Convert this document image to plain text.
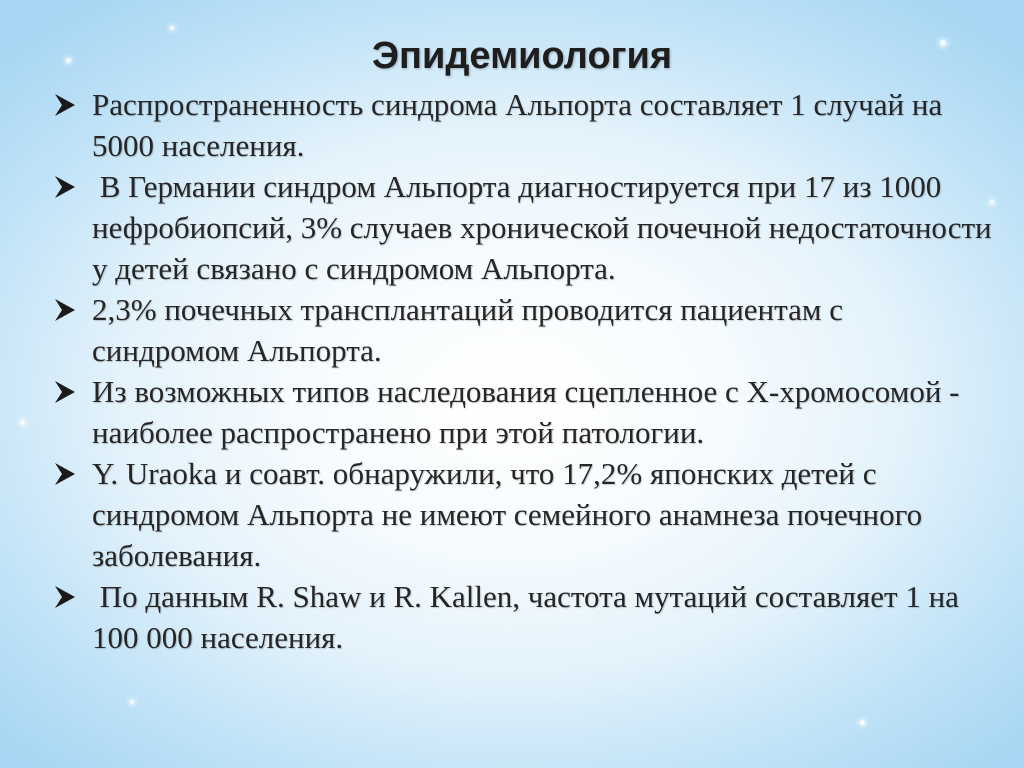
Эпидемиология
Распространенность синдрома Альпорта составляет 1 случай на 5000 населения.
В Германии синдром Альпорта диагностируется при 17 из 1000 нефробиопсий, 3% случаев хронической почечной недостаточности у детей связано с синдромом Альпорта.
2,3% почечных трансплантаций проводится пациентам с синдромом Альпорта.
Из возможных типов наследования сцепленное с Х-хромосомой - наиболее распространено при этой патологии.
Y. Uraoka и соавт. обнаружили, что 17,2% японских детей с синдромом Альпорта не имеют семейного анамнеза почечного заболевания.
По данным R. Shaw и R. Kallen, частота мутаций составляет 1 на 100 000 населения.
